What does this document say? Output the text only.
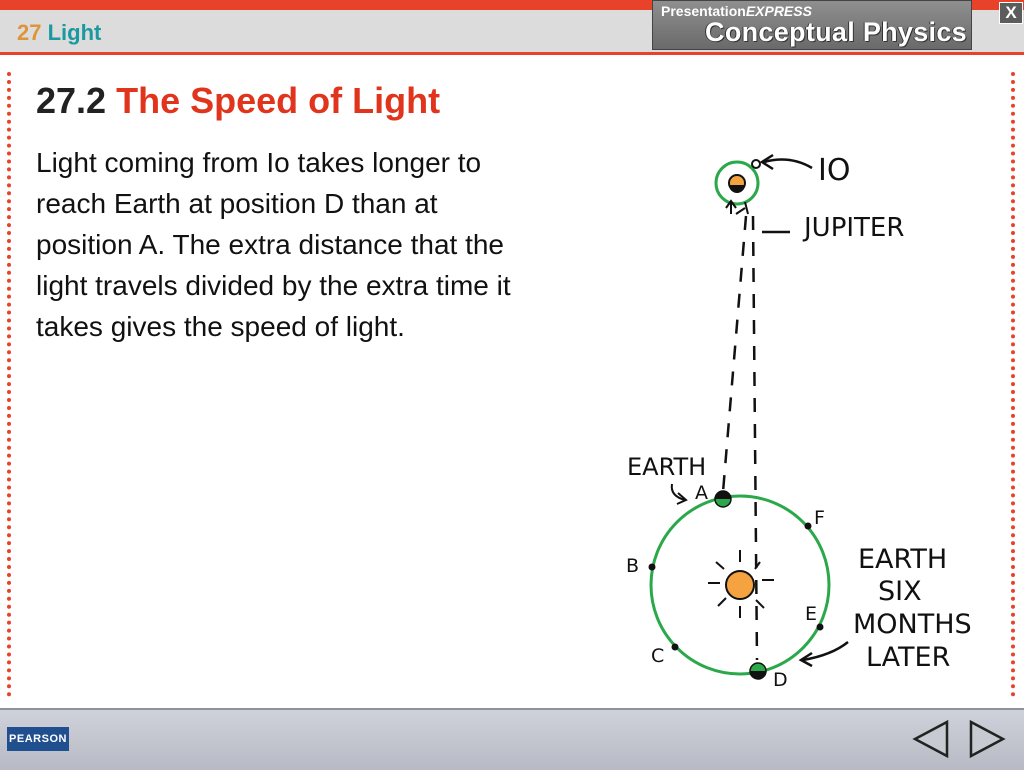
27 Light
PresentationEXPRESS
Conceptual Physics
X
27.2 The Speed of Light
Light coming from Io takes longer to reach Earth at position D than at position A. The extra distance that the light travels divided by the extra time it takes gives the speed of light.
IO
JUPITER
A
B
C
D
E
F
EARTH
EARTH
SIX
MONTHS
LATER
PEARSON
